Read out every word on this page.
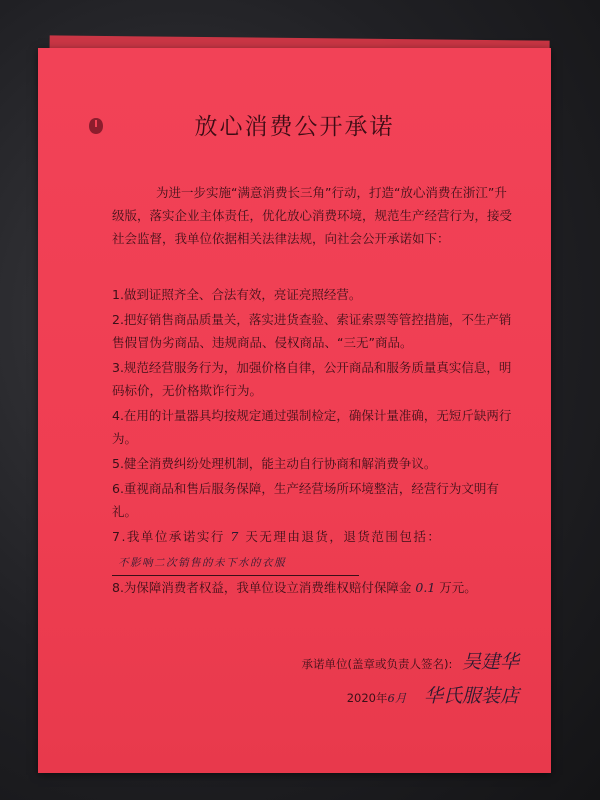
放心消费公开承诺
为进一步实施“满意消费长三角”行动，打造“放心消费在浙江”升级版，落实企业主体责任，优化放心消费环境，规范生产经营行为，接受社会监督，我单位依据相关法律法规，向社会公开承诺如下：
1.做到证照齐全、合法有效，亮证亮照经营。
2.把好销售商品质量关，落实进货查验、索证索票等管控措施，不生产销售假冒伪劣商品、违规商品、侵权商品、“三无”商品。
3.规范经营服务行为，加强价格自律，公开商品和服务质量真实信息，明码标价，无价格欺诈行为。
4.在用的计量器具均按规定通过强制检定，确保计量准确，无短斤缺两行为。
5.健全消费纠纷处理机制，能主动自行协商和解消费争议。
6.重视商品和售后服务保障，生产经营场所环境整洁，经营行为文明有礼。
7.我单位承诺实行 7 天无理由退货，退货范围包括： 不影响二次销售的未下水的衣服
8.为保障消费者权益，我单位设立消费维权赔付保障金 0.1 万元。
承诺单位(盖章或负责人签名): 吴建华
2020年6月 华氏服装店
